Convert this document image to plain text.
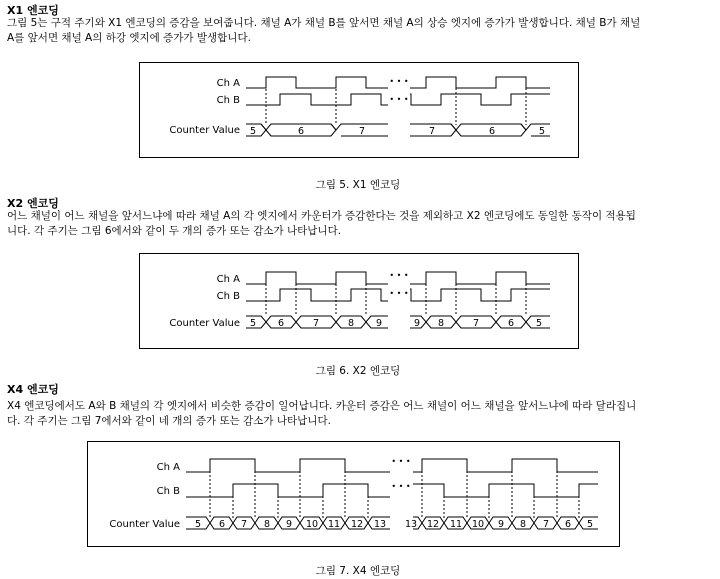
X1 엔코딩
그림 5는 구적 주기와 X1 엔코딩의 증감을 보여줍니다. 채널 A가 채널 B를 앞서면 채널 A의 상승 엣지에 증가가 발생합니다. 채널 B가 채널
A를 앞서면 채널 A의 하강 엣지에 증가가 발생합니다.
Ch A
Ch B
Counter Value
• • •
• • •
5	6	7	7	6	5
그림 5. X1 엔코딩
X2 엔코딩
어느 채널이 어느 채널을 앞서느냐에 따라 채널 A의 각 엣지에서 카운터가 증감한다는 것을 제외하고 X2 엔코딩에도 동일한 동작이 적용됩
니다. 각 주기는 그림 6에서와 같이 두 개의 증가 또는 감소가 나타납니다.
Ch A
Ch B
Counter Value
• • •
• • •
5 6	7	8 9	9 8	7	6 5
그림 6. X2 엔코딩
X4 엔코딩
X4 엔코딩에서도 A와 B 채널의 각 엣지에서 비슷한 증감이 일어납니다. 카운터 증감은 어느 채널이 어느 채널을 앞서느냐에 따라 달라집니
다. 각 주기는 그림 7에서와 같이 네 개의 증가 또는 감소가 나타납니다.
Ch A
Ch B
Counter Value
• • •
• • •
5 6 7 8 9 10 11 12 13 13 12 11 10 9 8 7 6 5
그림 7. X4 엔코딩
